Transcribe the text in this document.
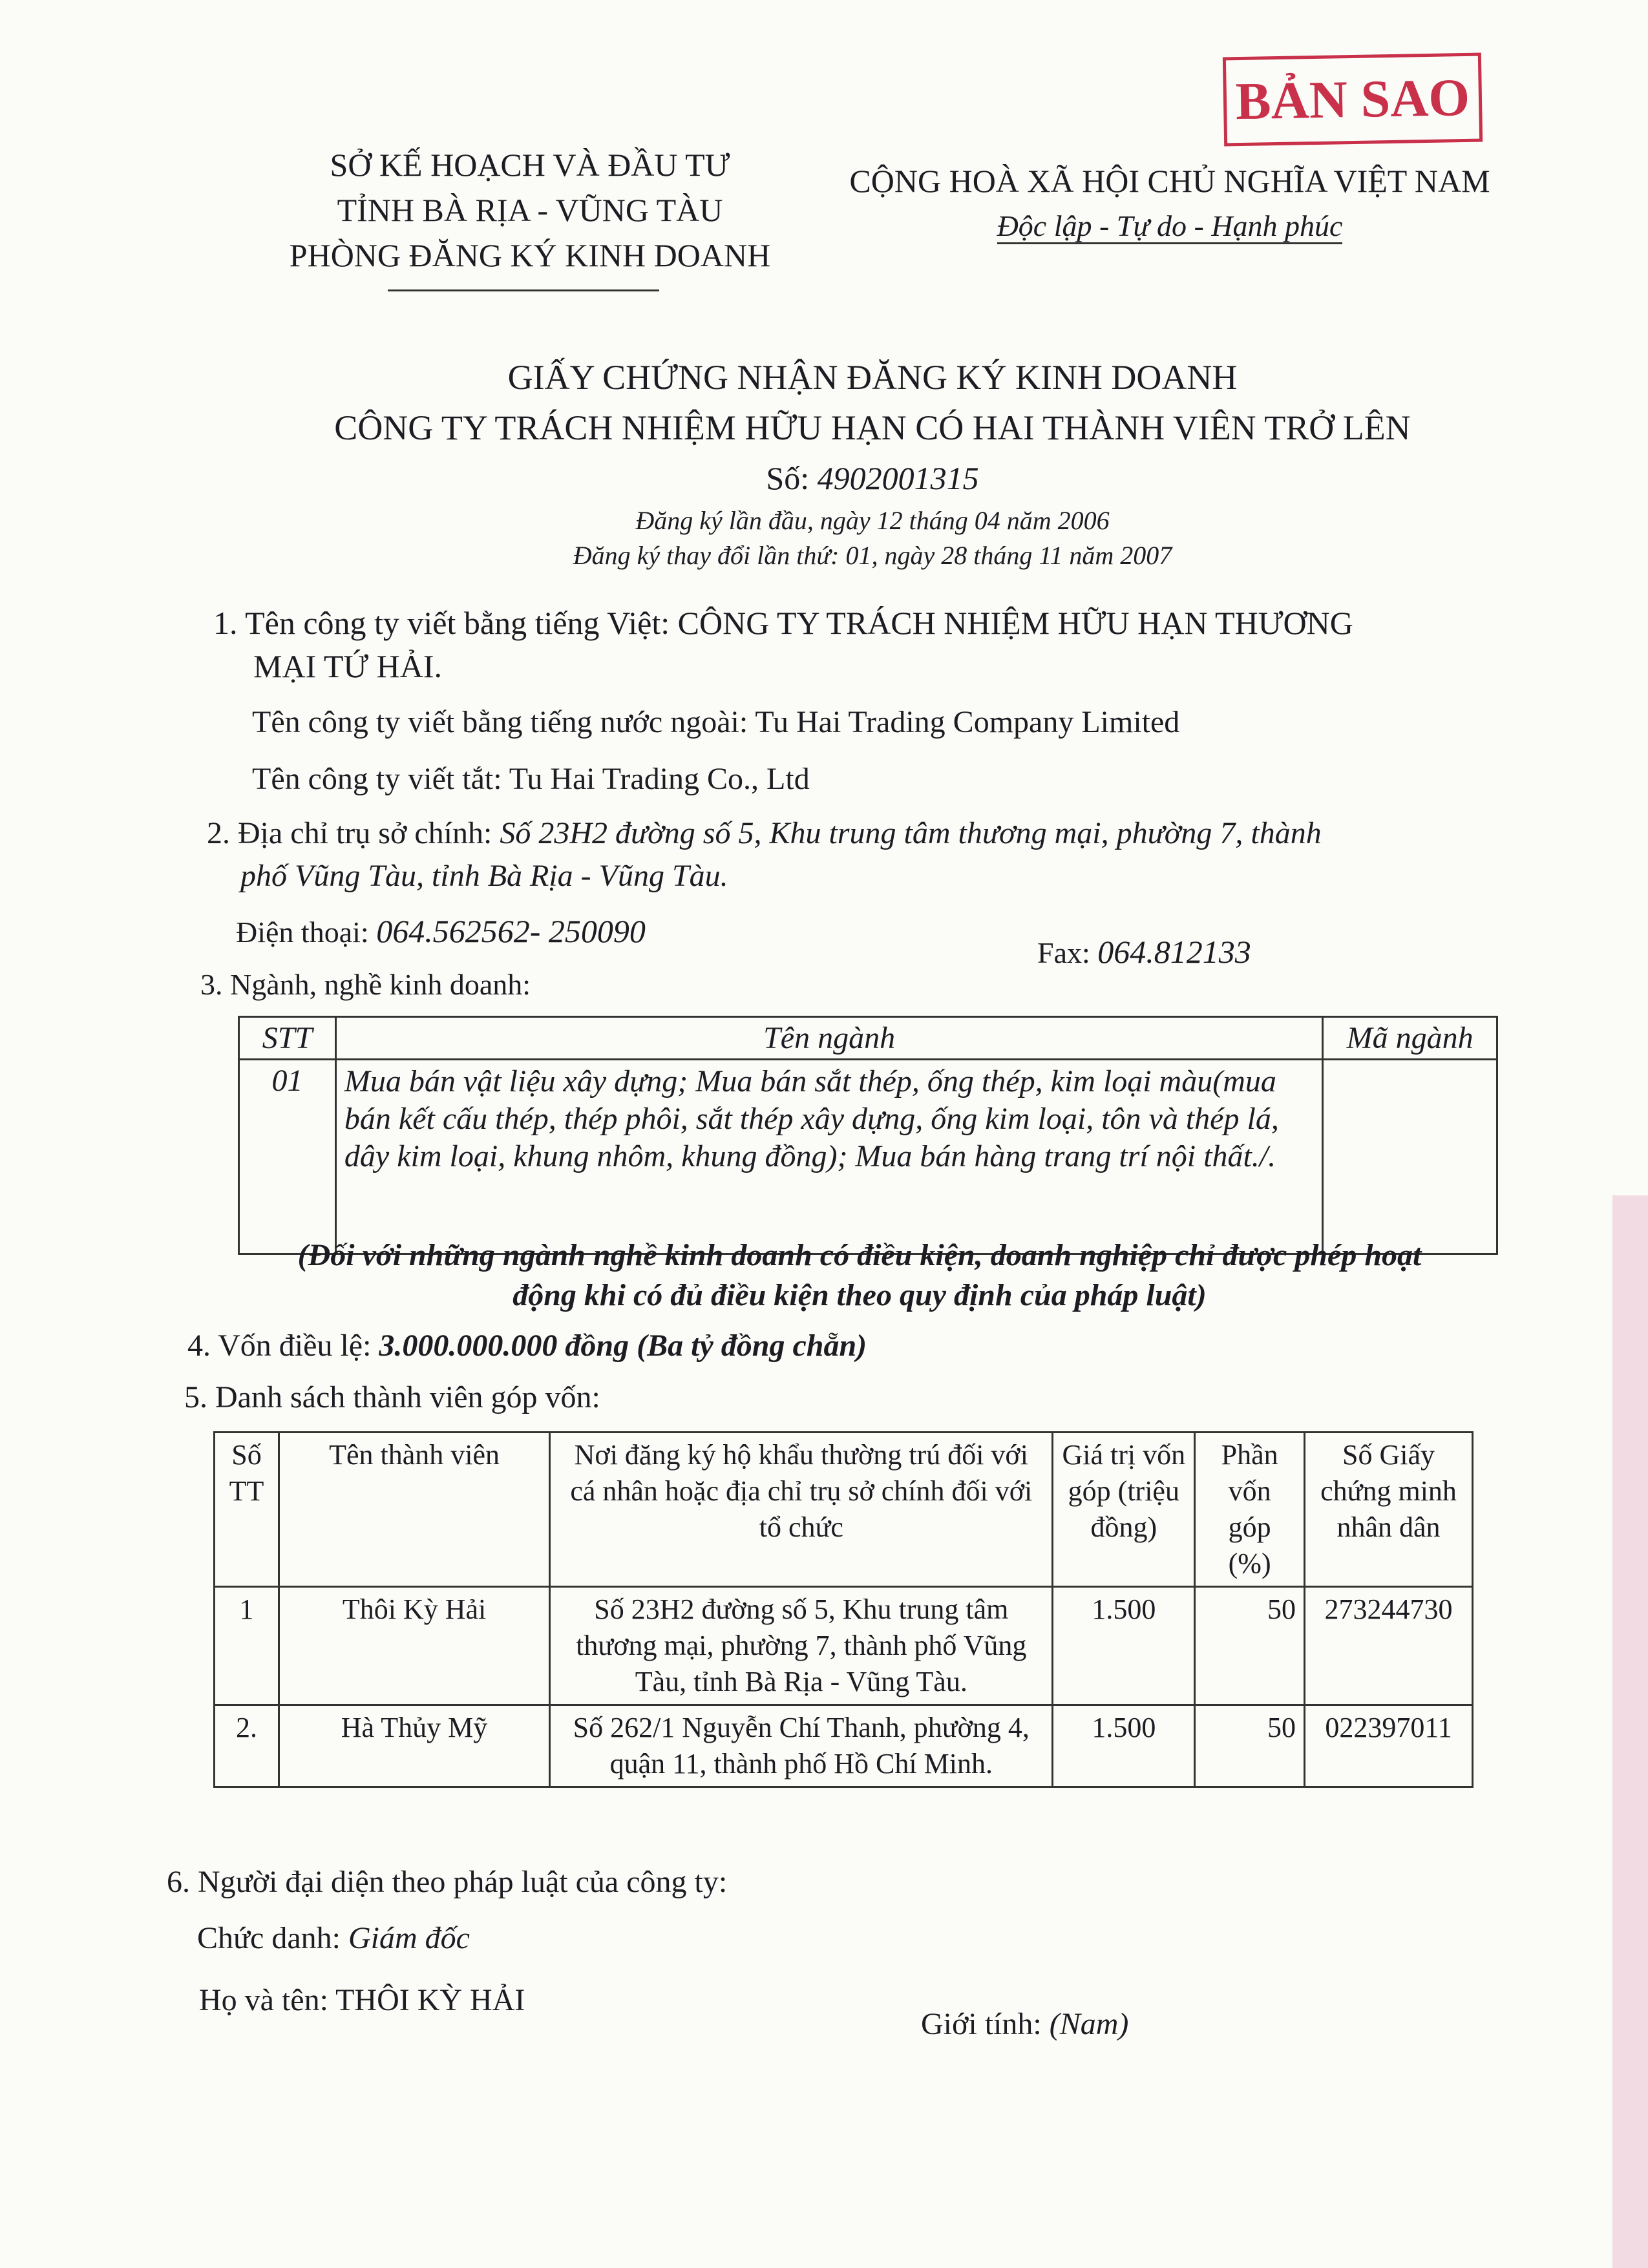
BẢN SAO
SỞ KẾ HOẠCH VÀ ĐẦU TƯ
TỈNH BÀ RỊA - VŨNG TÀU
PHÒNG ĐĂNG KÝ KINH DOANH
CỘNG HOÀ XÃ HỘI CHỦ NGHĨA VIỆT NAM
Độc lập - Tự do - Hạnh phúc
GIẤY CHỨNG NHẬN ĐĂNG KÝ KINH DOANH
CÔNG TY TRÁCH NHIỆM HỮU HẠN CÓ HAI THÀNH VIÊN TRỞ LÊN
Số: 4902001315
Đăng ký lần đầu, ngày 12 tháng 04 năm 2006
Đăng ký thay đổi lần thứ: 01, ngày 28 tháng 11 năm 2007
1. Tên công ty viết bằng tiếng Việt: CÔNG TY TRÁCH NHIỆM HỮU HẠN THƯƠNG
MẠI TỨ HẢI.
Tên công ty viết bằng tiếng nước ngoài: Tu Hai Trading Company Limited
Tên công ty viết tắt: Tu Hai Trading Co., Ltd
2. Địa chỉ trụ sở chính: Số 23H2 đường số 5, Khu trung tâm thương mại, phường 7, thành
phố Vũng Tàu, tỉnh Bà Rịa - Vũng Tàu.
Điện thoại: 064.562562- 250090
Fax: 064.812133
3. Ngành, nghề kinh doanh:
STT	Tên ngành	Mã ngành
01	Mua bán vật liệu xây dựng; Mua bán sắt thép, ống thép, kim loại màu(mua bán kết cấu thép, thép phôi, sắt thép xây dựng, ống kim loại, tôn và thép lá, dây kim loại, khung nhôm, khung đồng); Mua bán hàng trang trí nội thất./.	
(Đối với những ngành nghề kinh doanh có điều kiện, doanh nghiệp chỉ được phép hoạt
động khi có đủ điều kiện theo quy định của pháp luật)
4. Vốn điều lệ: 3.000.000.000 đồng (Ba tỷ đồng chẵn)
5. Danh sách thành viên góp vốn:
Số TT	Tên thành viên	Nơi đăng ký hộ khẩu thường trú đối với cá nhân hoặc địa chỉ trụ sở chính đối với tổ chức	Giá trị vốn góp (triệu đồng)	Phần vốn góp (%)	Số Giấy chứng minh nhân dân
1	Thôi Kỳ Hải	Số 23H2 đường số 5, Khu trung tâm thương mại, phường 7, thành phố Vũng Tàu, tỉnh Bà Rịa - Vũng Tàu.	1.500	50	273244730
2.	Hà Thủy Mỹ	Số 262/1 Nguyễn Chí Thanh, phường 4, quận 11, thành phố Hồ Chí Minh.	1.500	50	022397011
6. Người đại diện theo pháp luật của công ty:
Chức danh: Giám đốc
Họ và tên: THÔI KỲ HẢI
Giới tính: (Nam)
